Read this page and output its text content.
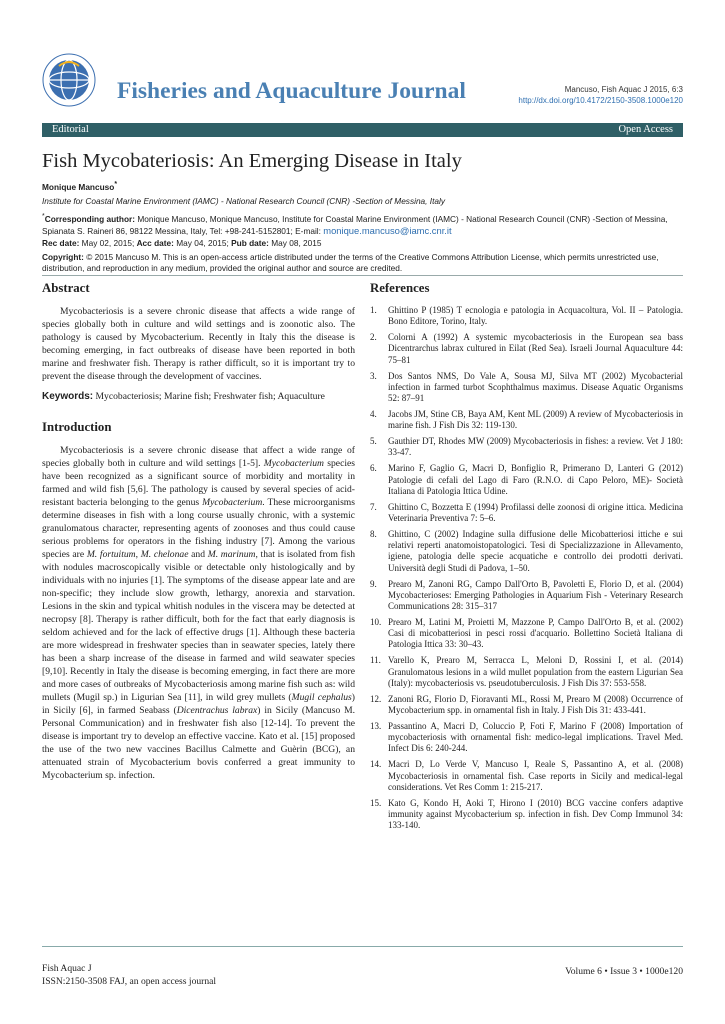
Fisheries and Aquaculture Journal	Mancuso, Fish Aquac J 2015, 6:3
http://dx.doi.org/10.4172/2150-3508.1000e120
Editorial	Open Access
Fish Mycobateriosis: An Emerging Disease in Italy
Monique Mancuso*
Institute for Coastal Marine Environment (IAMC) - National Research Council (CNR) -Section of Messina, Italy
*Corresponding author: Monique Mancuso, Monique Mancuso, Institute for Coastal Marine Environment (IAMC) - National Research Council (CNR) -Section of Messina, Spianata S. Raineri 86, 98122 Messina, Italy, Tel: +98-241-5152801; E-mail: monique.mancuso@iamc.cnr.it
Rec date: May 02, 2015; Acc date: May 04, 2015; Pub date: May 08, 2015
Copyright: © 2015 Mancuso M. This is an open-access article distributed under the terms of the Creative Commons Attribution License, which permits unrestricted use, distribution, and reproduction in any medium, provided the original author and source are credited.
Abstract

Mycobacteriosis is a severe chronic disease that affects a wide range of species globally both in culture and wild settings and is zoonotic also. The pathology is caused by Mycobacterium. Recently in Italy this the disease is becoming emerging, in fact outbreaks of disease have been reported in both marine and freshwater fish. Therapy is rather difficult, so it is important try to prevent the disease through the development of vaccines.

Keywords: Mycobacteriosis; Marine fish; Freshwater fish; Aquaculture

Introduction

Mycobacteriosis is a severe chronic disease that affect a wide range of species globally both in culture and wild settings [1-5]. Mycobacterium species have been recognized as a significant source of morbidity and mortality in farmed and wild fish [5,6]. The pathology is caused by several species of acid-resistant bacteria belonging to the genus Mycobacterium. These microorganisms determine diseases in fish with a long course usually chronic, with a systemic granulomatous character, representing agents of zoonoses and thus could cause serious problems for operators in the fishing industry [7]. Among the various species are M. fortuitum, M. chelonae and M. marinum, that is isolated from fish with nodules macroscopically visible or detectable only histologically and by individuals with no injuries [1]. The symptoms of the disease appear late and are non-specific; they include slow growth, lethargy, anorexia and starvation. Lesions in the skin and typical whitish nodules in the viscera may be detected at necropsy [8]. Therapy is rather difficult, both for the fact that early diagnosis is seldom achieved and for the lack of effective drugs [1]. Although these bacteria are more widespread in freshwater species than in seawater species, lately there has been a sharp increase of the disease in farmed and wild seawater species [9,10]. Recently in Italy the disease is becoming emerging, in fact there are more and more cases of outbreaks of Mycobacteriosis among marine fish such as: wild mullets (Mugil sp.) in Ligurian Sea [11], in wild grey mullets (Mugil cephalus) in Sicily [6], in farmed Seabass (Dicentrachus labrax) in Sicily (Mancuso M. Personal Communication) and in freshwater fish also [12-14]. To prevent the disease is important try to develop an effective vaccine. Kato et al. [15] proposed the use of the two new vaccines Bacillus Calmette and Guèrin (BCG), an attenuated strain of Mycobacterium bovis conferred a great immunity to Mycobacterium sp. infection.

References
1. Ghittino P (1985) T ecnologia e patologia in Acquacoltura, Vol. II – Patologia. Bono Editore, Torino, Italy.
2. Colorni A (1992) A systemic mycobacteriosis in the European sea bass Dicentrarchus labrax cultured in Eilat (Red Sea). Israeli Journal Aquaculture 44: 75–81
3. Dos Santos NMS, Do Vale A, Sousa MJ, Silva MT (2002) Mycobacterial infection in farmed turbot Scophthalmus maximus. Disease Aquatic Organisms 52: 87–91
4. Jacobs JM, Stine CB, Baya AM, Kent ML (2009) A review of Mycobacteriosis in marine fish. J Fish Dis 32: 119-130.
5. Gauthier DT, Rhodes MW (2009) Mycobacteriosis in fishes: a review. Vet J 180: 33-47.
6. Marino F, Gaglio G, Macri D, Bonfiglio R, Primerano D, Lanteri G (2012) Patologie di cefali del Lago di Faro (R.N.O. di Capo Peloro, ME)- Società Italiana di Patologia Ittica Udine.
7. Ghittino C, Bozzetta E (1994) Profilassi delle zoonosi di origine ittica. Medicina Veterinaria Preventiva 7: 5–6.
8. Ghittino, C (2002) Indagine sulla diffusione delle Micobatteriosi ittiche e sui relativi reperti anatomoistopatologici. Tesi di Specializzazione in Allevamento, igiene, patologia delle specie acquatiche e controllo dei prodotti derivati. Università degli Studi di Padova, 1–50.
9. Prearo M, Zanoni RG, Campo Dall'Orto B, Pavoletti E, Florio D, et al. (2004) Mycobacterioses: Emerging Pathologies in Aquarium Fish - Veterinary Research Communications 28: 315–317
10. Prearo M, Latini M, Proietti M, Mazzone P, Campo Dall'Orto B, et al. (2002) Casi di micobatteriosi in pesci rossi d'acquario. Bollettino Società Italiana di Patologia Ittica 33: 30–43.
11. Varello K, Prearo M, Serracca L, Meloni D, Rossini I, et al. (2014) Granulomatous lesions in a wild mullet population from the eastern Ligurian Sea (Italy): mycobacteriosis vs. pseudotuberculosis. J Fish Dis 37: 553-558.
12. Zanoni RG, Florio D, Fioravanti ML, Rossi M, Prearo M (2008) Occurrence of Mycobacterium spp. in ornamental fish in Italy. J Fish Dis 31: 433-441.
13. Passantino A, Macri D, Coluccio P, Foti F, Marino F (2008) Importation of mycobacteriosis with ornamental fish: medico-legal implications. Travel Med. Infect Dis 6: 240-244.
14. Macri D, Lo Verde V, Mancuso I, Reale S, Passantino A, et al. (2008) Mycobacteriosis in ornamental fish. Case reports in Sicily and medical-legal considerations. Vet Res Comm 1: 215-217.
15. Kato G, Kondo H, Aoki T, Hirono I (2010) BCG vaccine confers adaptive immunity against Mycobacterium sp. infection in fish. Dev Comp Immunol 34: 133-140.
Fish Aquac J
ISSN:2150-3508 FAJ, an open access journal
Volume 6 • Issue 3 • 1000e120
